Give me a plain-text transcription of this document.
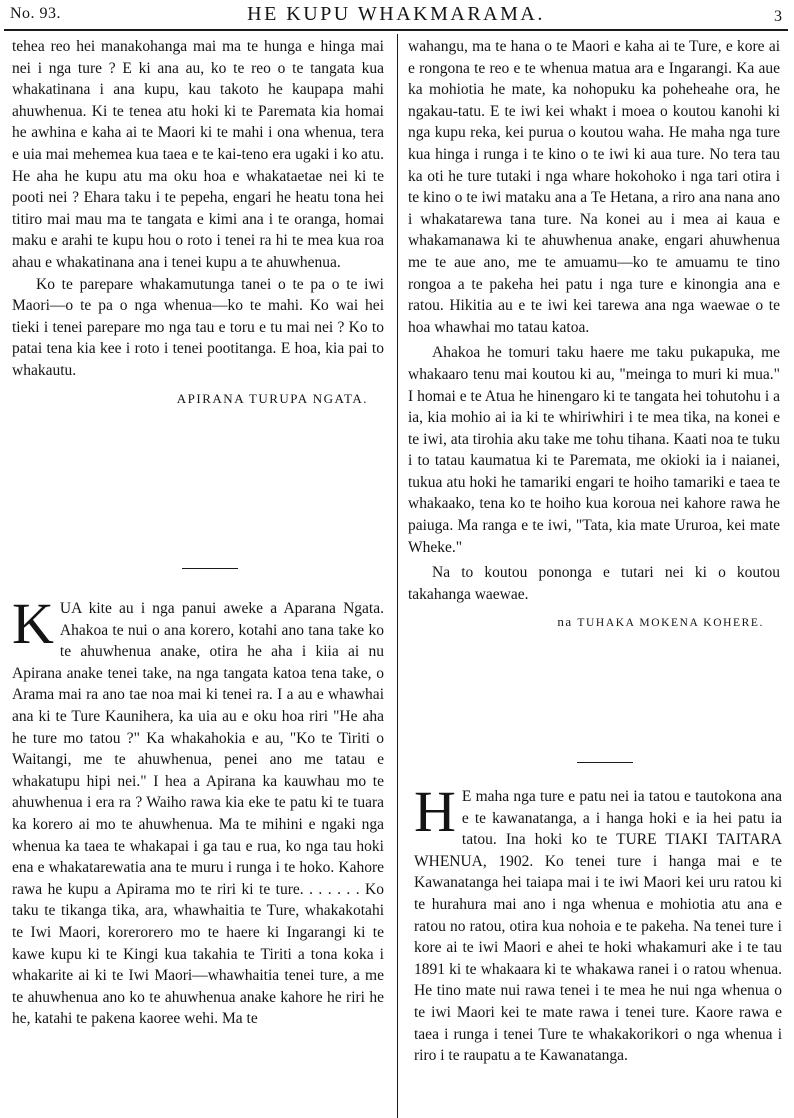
No. 93.	HE KUPU WHAKMARAMA.	3

tehea reo hei manakohanga mai ma te hunga e hinga mai nei i nga ture ? E ki ana au, ko te reo o te tangata kua whakatinana i ana kupu, kau takoto he kaupapa mahi ahuwhenua. Ki te tenea atu hoki ki te Paremata kia homai he awhina e kaha ai te Maori ki te mahi i ona whenua, tera e uia mai mehemea kua taea e te kai-teno era ugaki i ko atu. He aha he kupu atu ma oku hoa e whakataetae nei ki te pooti nei ? Ehara taku i te pepeha, engari he heatu tona hei titiro mai mau ma te tangata e kimi ana i te oranga, homai maku e arahi te kupu hou o roto i tenei ra hi te mea kua roa ahau e whakatinana ana i tenei kupu a te ahuwhenua.

Ko te parepare whakamutunga tanei o te pa o te iwi Maori—o te pa o nga whenua—ko te mahi. Ko wai hei tieki i tenei parepare mo nga tau e toru e tu mai nei ? Ko to patai tena kia kee i roto i tenei pootitanga. E hoa, kia pai to whakautu.

APIRANA TURUPA NGATA.

KUA kite au i nga panui aweke a Aparana Ngata. Ahakoa te nui o ana korero, kotahi ano tana take ko te ahuwhenua anake, otira he aha i kiia ai nu Apirana anake tenei take, na nga tangata katoa tena take, o Arama mai ra ano tae noa mai ki tenei ra. I a au e whawhai ana ki te Ture Kaunihera, ka uia au e oku hoa riri "He aha he ture mo tatou ?" Ka whakahokia e au, "Ko te Tiriti o Waitangi, me te ahuwhenua, penei ano me tatau e whakatupu hipi nei." I hea a Apirana ka kauwhau mo te ahuwhenua i era ra ? Waiho rawa kia eke te patu ki te tuara ka korero ai mo te ahuwhenua. Ma te mihini e ngaki nga whenua ka taea te whakapai i ga tau e rua, ko nga tau hoki ena e whakatarewatia ana te muru i runga i te hoko. Kahore rawa he kupu a Apirama mo te riri ki te ture. . . . . . . Ko taku te tikanga tika, ara, whawhaitia te Ture, whakakotahi te Iwi Maori, korerorero mo te haere ki Ingarangi ki te kawe kupu ki te Kingi kua takahia te Tiriti a tona koka i whakarite ai ki te Iwi Maori—whawhaitia tenei ture, a me te ahuwhenua ano ko te ahuwhenua anake kahore he riri he he, katahi te pakena kaoree wehi. Ma te

wahangu, ma te hana o te Maori e kaha ai te Ture, e kore ai e rongona te reo e te whenua matua ara e Ingarangi. Ka aue ka mohiotia he mate, ka nohopuku ka poheheahe ora, he ngakau-tatu. E te iwi kei whakt i moea o koutou kanohi ki nga kupu reka, kei purua o koutou waha. He maha nga ture kua hinga i runga i te kino o te iwi ki aua ture. No tera tau ka oti he ture tutaki i nga whare hokohoko i nga tari otira i te kino o te iwi mataku ana a Te Hetana, a riro ana nana ano i whakatarewa tana ture. Na konei au i mea ai kaua e whakamanawa ki te ahuwhenua anake, engari ahuwhenua me te aue ano, me te amuamu—ko te amuamu te tino rongoa a te pakeha hei patu i nga ture e kinongia ana e ratou. Hikitia au e te iwi kei tarewa ana nga waewae o te hoa whawhai mo tatau katoa.

Ahakoa he tomuri taku haere me taku pukapuka, me whakaaro tenu mai koutou ki au, "meinga to muri ki mua." I homai e te Atua he hinengaro ki te tangata hei tohutohu i a ia, kia mohio ai ia ki te whiriwhiri i te mea tika, na konei e te iwi, ata tirohia aku take me tohu tihana. Kaati noa te tuku i to tatau kaumatua ki te Paremata, me okioki ia i naianei, tukua atu hoki he tamariki engari te hoiho tamariki e taea te whakaako, tena ko te hoiho kua koroua nei kahore rawa he paiuga. Ma ranga e te iwi, "Tata, kia mate Ururoa, kei mate Wheke."

Na to koutou pononga e tutari nei ki o koutou takahanga waewae.

na TUHAKA MOKENA KOHERE.

H E maha nga ture e patu nei ia tatou e tautokona ana e te kawanatanga, a i hanga hoki e ia hei patu ia tatou. Ina hoki ko te TURE TIAKI TAITARA WHENUA, 1902. Ko tenei ture i hanga mai e te Kawanatanga hei taiapa mai i te iwi Maori kei uru ratou ki te hurahura mai ano i nga whenua e mohiotia atu ana e ratou no ratou, otira kua nohoia e te pakeha. Na tenei ture i kore ai te iwi Maori e ahei te hoki whakamuri ake i te tau 1891 ki te whakaara ki te whakawa ranei i o ratou whenua. He tino mate nui rawa tenei i te mea he nui nga whenua o te iwi Maori kei te mate rawa i tenei ture. Kaore rawa e taea i runga i tenei Ture te whakakorikori o nga whenua i riro i te raupatu a te Kawanatanga.
